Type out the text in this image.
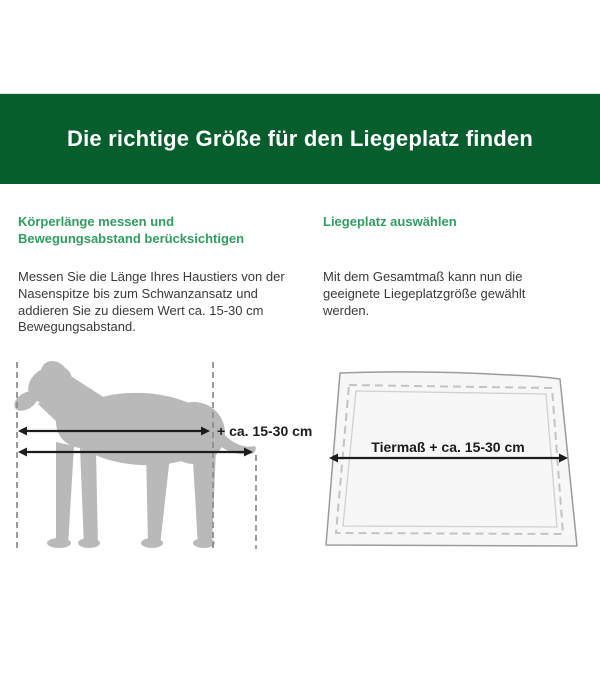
Die richtige Größe für den Liegeplatz finden
Körperlänge messen und
Bewegungsabstand berücksichtigen
Liegeplatz auswählen
Messen Sie die Länge Ihres Haustiers von der
Nasenspitze bis zum Schwanzansatz und
addieren Sie zu diesem Wert ca. 15-30 cm
Bewegungsabstand.
Mit dem Gesamtmaß kann nun die
geeignete Liegeplatzgröße gewählt
werden.
+ ca. 15-30 cm
Tiermaß + ca. 15-30 cm
